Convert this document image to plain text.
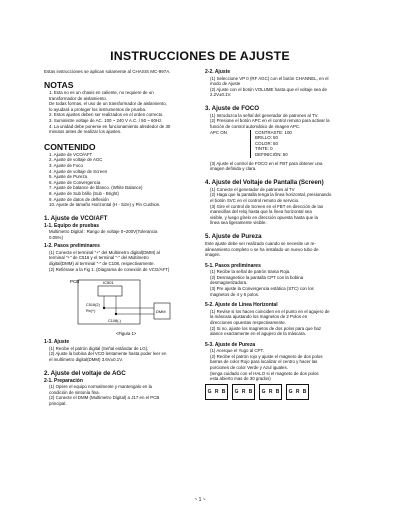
INSTRUCCIONES DE AJUSTE

Estas instrucciones se aplican solamente al CHASIS MC-997A.

NOTAS

1. Esta no es un chasis en caliente, no requiere de un
transformador de aislamiento.
De todas formas, el uso de un transformador de aislamiento,
lo ayudará a proteger los instrumentos de prueba.
2. Estos ajustes deben ser realizados en el orden correcto.
3. Suministre voltaje de AC. 100 ~ 240 V A.C. / 50 ~ 60Hz.
4. La unidad debe ponerse en funcionamiento alrededor de 30
minutos antes de realizar los ajustes.

CONTENIDO

1. Ajuste de VCO/AFT
2. Ajuste de voltaje de AGC
3. Ajuste de Foco
4. Ajuste de voltaje de Screen
5. Ajuste de Pureza
6. Ajuste de Convergencia
7. Ajuste de balance de blanco. (White Balance)
8. Ajuste de Sub brillo (Sub - Bright)
9. Ajuste de datos de deflexión
10. Ajuste de tamaño Horizontal (H - Size) y Pin Cushion.

1. Ajuste de VCO/AFT

1-1. Equipo de pruebas

Multimetro Digital : Rango de voltaje 0~200V(Tolerancia
0.05%)

1-2. Pasos preliminares

(1) Conecte el terminal "+" del Multimetro digital(DMM) al
terminal "+" de C516 y el terminal "-" del Multimetro
digital(DMM) al terminal "-" de C108, respectivamente.
(2) Refiérase a la Fig 1. (Diagrama de conexión de VCO/AFT)
PCB	IC501
C516(2)
Rx(+)	DMM
C108(-)
<Figura 1>

1-3. Ajuste

(1) Recibe el patrón digital (Señal estándar de LG).
(2) Ajuste la bobina del VCO lentamente hasta poder leer en
el multímetro digital(DMM) 3.6V±0.1V.

2. Ajuste del voltaje de AGC

2-1. Preparación

(1) Opere el equipo normalmente y mantengalo en la
condición de sintonía fina.
(2) Conecte el DMM (Multimetro Digital) a J17 en el PCB
principal.

2-2. Ajuste

(1) Seleccione VP 0 (RF AGC) con el botón CHANNEL, en el
modo de Ajuste
(2) Ajuste con el botón VOLUME hasta que el voltaje sea de
2.2V±0.1V.

3. Ajuste de FOCO

(1) Introduzca la señal del generador de patrones al TV.
(2) Presione el botón APC en el control remoto para activar la
función de control automático de imagen APC.
APC ON	CONTRASTE: 100
BRILLO: 50
COLOR: 50
TINTE: 0
DEFINICIÓN: 50
(3) Ajuste el control de FOCO en el FBT para obtener una
imagen definida y clara.

4. Ajuste del Voltaje de Pantalla (Screen)

(1) Conecte el generador de patrones al TV
(2) Haga que la pantalla tenga la línea horizontal, presionando
el botón SVC en el control remoto de servicio.
(3) Gire el control de Screen en el FBT en dirección de las
manecillas del reloj hasta que la línea horizontal sea
visible, y luego gírelo en dirección opuesta hasta que la
línea sea ligeramente visible.

5. Ajuste de Pureza

Este ajuste debe ser realizado cuando se necesite un re-
alineamiento completo o se ha instalado un nuevo tubo de
imagen.

5-1. Pasos preliminares

(1) Recibe la señal de patrón trama Roja.
(2) Desmagnetice la pantalla CPT con la bobina
desmagnetizadora.
(3) Pre ajuste la Convergencia estática (STC) con los
magnetos de 4 y 6 polos.

5-2. Ajuste de Línea Horizontal

(1) Revise si los haces coinciden en el punto en el agujero de
la máscara ajustando los magnetos de 2 Polos en
direcciones opuestas respectivamente.
(2) Si no, ajuste los magnetos de dos polos para que haz
alance exactamente en el agujero de la máscara.

5-3. Ajuste de Pureza

(1) Acerque el Yugo al CPT.
(2) Recibe el patrón rojo y ajuste el magneto de dos polos
barras de color Rojo para localizar el centro y hacer las
porciones de color Verde y Azul iguales.
(tenga cuidado con el HALO si el magneto de dos polos
esta abierto mas de 30 grados)
G R B G R B G R B G R B
~ 1 ~
